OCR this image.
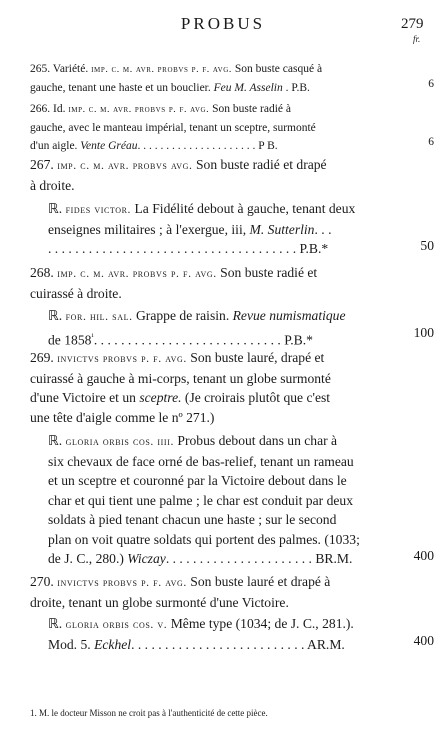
PROBUS	279
fr.
265. Variété. imp. c. m. avr. probvs p. f. avg. Son buste casqué à
gauche, tenant une haste et un bouclier. Feu M. Asselin . P.B.	6
266. Id. imp. c. m. avr. probvs p. f. avg. Son buste radié à
gauche, avec le manteau impérial, tenant un sceptre, surmonté
d'un aigle. Vente Gréau. . . . . . . . . . . . . . . . . . . . . P B.	6
267. imp. c. m. avr. probvs avg. Son buste radié et drapé
à droite.
ℝ. fides victor. La Fidélité debout à gauche, tenant deux
enseignes militaires ; à l'exergue, iii, M. Sutterlin. . .
. . . . . . . . . . . . . . . . . . . . . . . . . . . . . . . . . . . . . P.B.*	50
268. imp. c. m. avr. probvs p. f. avg. Son buste radié et
cuirassé à droite.
ℝ. for. hil. sal. Grappe de raisin. Revue numismatique
de $1858^{^1}$. . . . . . . . . . . . . . . . . . . . . . . . . . . . P.B.*	100
269. invictvs probvs p. f. avg. Son buste lauré, drapé et
cuirassé à gauche à mi-corps, tenant un globe surmonté
d'une Victoire et un sceptre. (Je croirais plutôt que c'est
une tête d'aigle comme le nº 271.)
ℝ. gloria orbis cos. iiii. Probus debout dans un char à
six chevaux de face orné de bas-relief, tenant un rameau
et un sceptre et couronné par la Victoire debout dans le
char et qui tient une palme ; le char est conduit par deux
soldats à pied tenant chacun une haste ; sur le second
plan on voit quatre soldats qui portent des palmes. (1033;
de J. C., 280.) Wiczay. . . . . . . . . . . . . . . . . . . . . . BR.M.	400
270. invictvs probvs p. f. avg. Son buste lauré et drapé à
droite, tenant un globe surmonté d'une Victoire.
ℝ. gloria orbis cos. v. Même type (1034; de J. C., 281.).
Mod. 5. Eckhel. . . . . . . . . . . . . . . . . . . . . . . . . . AR.M.	400
1. M. le docteur Misson ne croit pas à l'authenticité de cette pièce.
